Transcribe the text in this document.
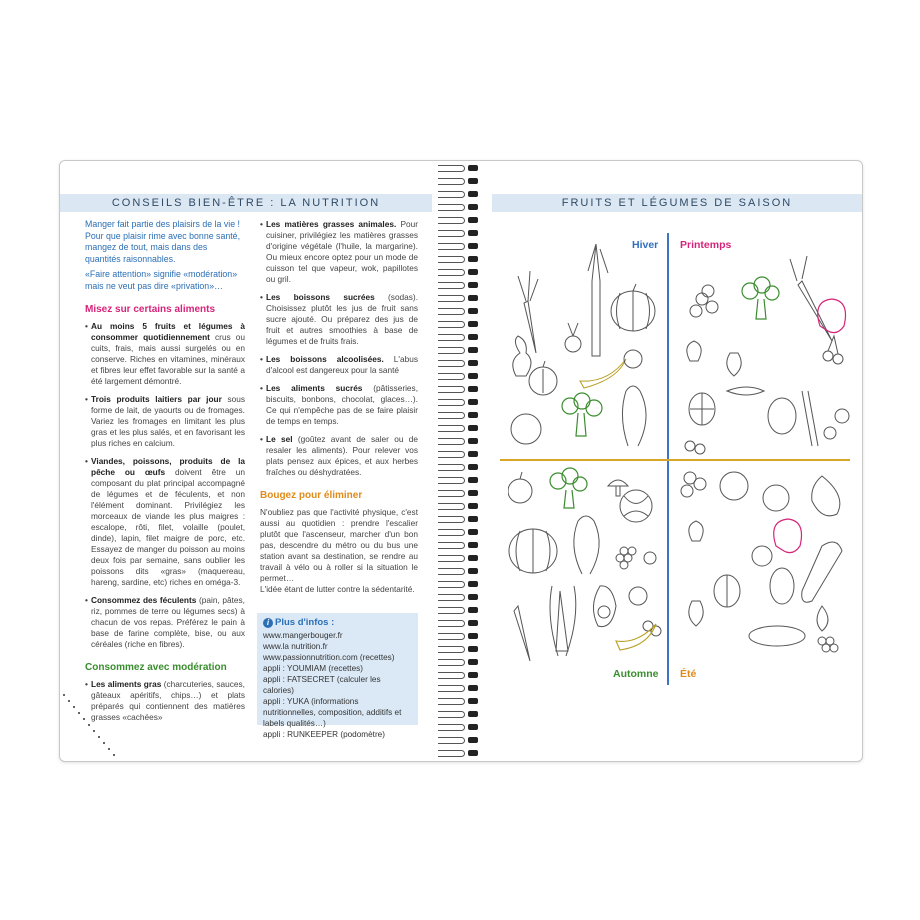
CONSEILS BIEN-ÊTRE : LA NUTRITION

Manger fait partie des plaisirs de la vie ! Pour que plaisir rime avec bonne santé, mangez de tout, mais dans des quantités raisonnables.

«Faire attention» signifie «modération» mais ne veut pas dire «privation»…

Misez sur certains aliments
• Au moins 5 fruits et légumes à consommer quotidiennement crus ou cuits, frais, mais aussi surgelés ou en conserve. Riches en vitamines, minéraux et fibres leur effet favorable sur la santé a été largement démontré.
• Trois produits laitiers par jour sous forme de lait, de yaourts ou de fromages. Variez les fromages en limitant les plus gras et les plus salés, et en favorisant les plus riches en calcium.
• Viandes, poissons, produits de la pêche ou œufs doivent être un composant du plat principal accompagné de légumes et de féculents, et non l'élément dominant. Privilégiez les morceaux de viande les plus maigres : escalope, rôti, filet, volaille (poulet, dinde), lapin, filet maigre de porc, etc. Essayez de manger du poisson au moins deux fois par semaine, sans oublier les poissons dits «gras» (maquereau, hareng, sardine, etc) riches en oméga-3.
• Consommez des féculents (pain, pâtes, riz, pommes de terre ou légumes secs) à chacun de vos repas. Préférez le pain à base de farine complète, bise, ou aux céréales (riche en fibres).
Consommez avec modération
• Les aliments gras (charcuteries, sauces, gâteaux apéritifs, chips…) et plats préparés qui contiennent des matières grasses «cachées»
• Les matières grasses animales. Pour cuisiner, privilégiez les matières grasses d'origine végétale (l'huile, la margarine). Ou mieux encore optez pour un mode de cuisson tel que vapeur, wok, papillotes ou gril.
• Les boissons sucrées (sodas). Choisissez plutôt les jus de fruit sans sucre ajouté. Ou préparez des jus de fruit et autres smoothies à base de légumes et de fruits frais.
• Les boissons alcoolisées. L'abus d'alcool est dangereux pour la santé
• Les aliments sucrés (pâtisseries, biscuits, bonbons, chocolat, glaces…). Ce qui n'empêche pas de se faire plaisir de temps en temps.
• Le sel (goûtez avant de saler ou de resaler les aliments). Pour relever vos plats pensez aux épices, et aux herbes fraîches ou déshydratées.
Bougez pour éliminer
N'oubliez pas que l'activité physique, c'est aussi au quotidien : prendre l'escalier plutôt que l'ascenseur, marcher d'un bon pas, descendre du métro ou du bus une station avant sa destination, se rendre au travail à vélo ou à roller si la situation le permet…
L'idée étant de lutter contre la sédentarité.
i Plus d'infos :
www.mangerbouger.fr
www.la nutrition.fr
www.passionnutrition.com (recettes)
appli : YOUMIAM (recettes)
appli : FATSECRET (calculer les calories)
appli : YUKA (informations nutritionnelles, composition, additifs et labels qualités…)
appli : RUNKEEPER (podomètre)
FRUITS ET LÉGUMES DE SAISON
Hiver Printemps
Automne Été
